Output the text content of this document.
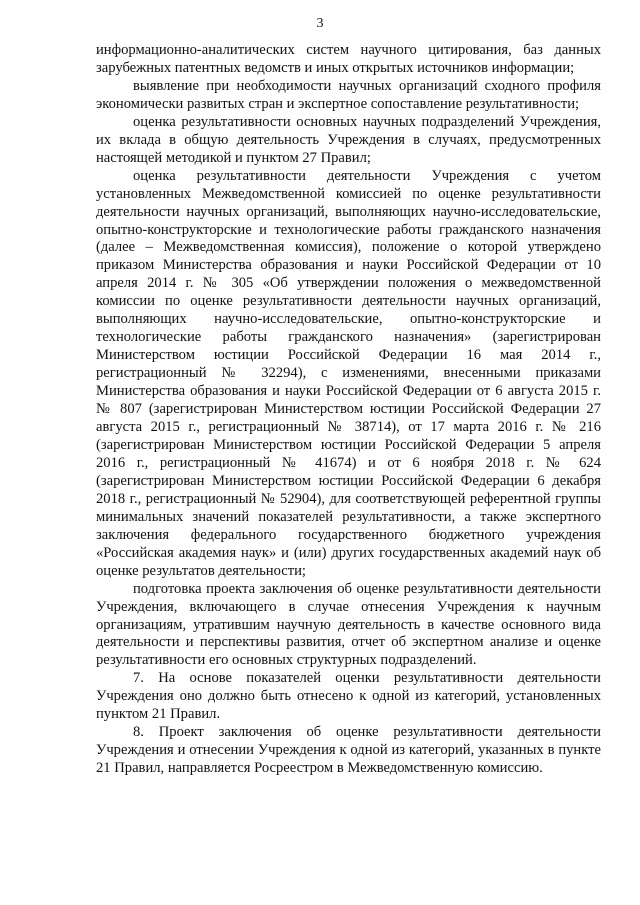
3

информационно-аналитических систем научного цитирования, баз данных зарубежных патентных ведомств и иных открытых источников информации;

выявление при необходимости научных организаций сходного профиля экономически развитых стран и экспертное сопоставление результативности;

оценка результативности основных научных подразделений Учреждения, их вклада в общую деятельность Учреждения в случаях, предусмотренных настоящей методикой и пунктом 27 Правил;

оценка результативности деятельности Учреждения с учетом установленных Межведомственной комиссией по оценке результативности деятельности научных организаций, выполняющих научно-исследовательские, опытно-конструкторские и технологические работы гражданского назначения (далее – Межведомственная комиссия), положение о которой утверждено приказом Министерства образования и науки Российской Федерации от 10 апреля 2014 г. № 305 «Об утверждении положения о межведомственной комиссии по оценке результативности деятельности научных организаций, выполняющих научно-исследовательские, опытно-конструкторские и технологические работы гражданского назначения» (зарегистрирован Министерством юстиции Российской Федерации 16 мая 2014 г., регистрационный № 32294), с изменениями, внесенными приказами Министерства образования и науки Российской Федерации от 6 августа 2015 г. № 807 (зарегистрирован Министерством юстиции Российской Федерации 27 августа 2015 г., регистрационный № 38714), от 17 марта 2016 г. № 216 (зарегистрирован Министерством юстиции Российской Федерации 5 апреля 2016 г., регистрационный № 41674) и от 6 ноября 2018 г. № 624 (зарегистрирован Министерством юстиции Российской Федерации 6 декабря 2018 г., регистрационный № 52904), для соответствующей референтной группы минимальных значений показателей результативности, а также экспертного заключения федерального государственного бюджетного учреждения «Российская академия наук» и (или) других государственных академий наук об оценке результатов деятельности;

подготовка проекта заключения об оценке результативности деятельности Учреждения, включающего в случае отнесения Учреждения к научным организациям, утратившим научную деятельность в качестве основного вида деятельности и перспективы развития, отчет об экспертном анализе и оценке результативности его основных структурных подразделений.

7. На основе показателей оценки результативности деятельности Учреждения оно должно быть отнесено к одной из категорий, установленных пунктом 21 Правил.

8. Проект заключения об оценке результативности деятельности Учреждения и отнесении Учреждения к одной из категорий, указанных в пункте 21 Правил, направляется Росреестром в Межведомственную комиссию.
